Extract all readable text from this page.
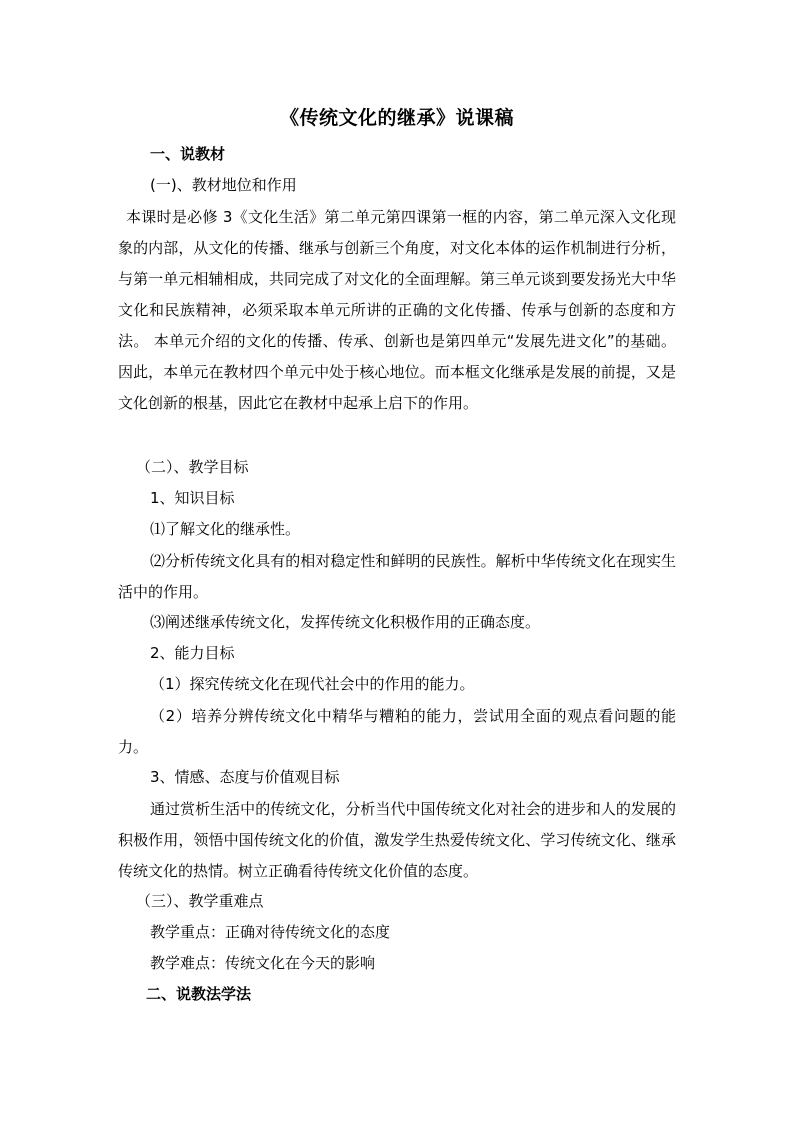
《传统文化的继承》说课稿
一、说教材
(一)、教材地位和作用
本课时是必修 3《文化生活》第二单元第四课第一框的内容，第二单元深入文化现象的内部，从文化的传播、继承与创新三个角度，对文化本体的运作机制进行分析， 与第一单元相辅相成，共同完成了对文化的全面理解。第三单元谈到要发扬光大中华文化和民族精神，必须采取本单元所讲的正确的文化传播、传承与创新的态度和方法。 本单元介绍的文化的传播、传承、创新也是第四单元“发展先进文化”的基础。 因此，本单元在教材四个单元中处于核心地位。而本框文化继承是发展的前提，又是文化创新的根基，因此它在教材中起承上启下的作用。
（二）、教学目标
1、知识目标
⑴了解文化的继承性。
⑵分析传统文化具有的相对稳定性和鲜明的民族性。解析中华传统文化在现实生活中的作用。
⑶阐述继承传统文化，发挥传统文化积极作用的正确态度。
2、能力目标
（1）探究传统文化在现代社会中的作用的能力。
（2）培养分辨传统文化中精华与糟粕的能力，尝试用全面的观点看问题的能力。
3、情感、态度与价值观目标
通过赏析生活中的传统文化，分析当代中国传统文化对社会的进步和人的发展的积极作用，领悟中国传统文化的价值，激发学生热爱传统文化、学习传统文化、继承传统文化的热情。树立正确看待传统文化价值的态度。
（三）、教学重难点
教学重点：正确对待传统文化的态度
教学难点：传统文化在今天的影响
二、说教法学法
